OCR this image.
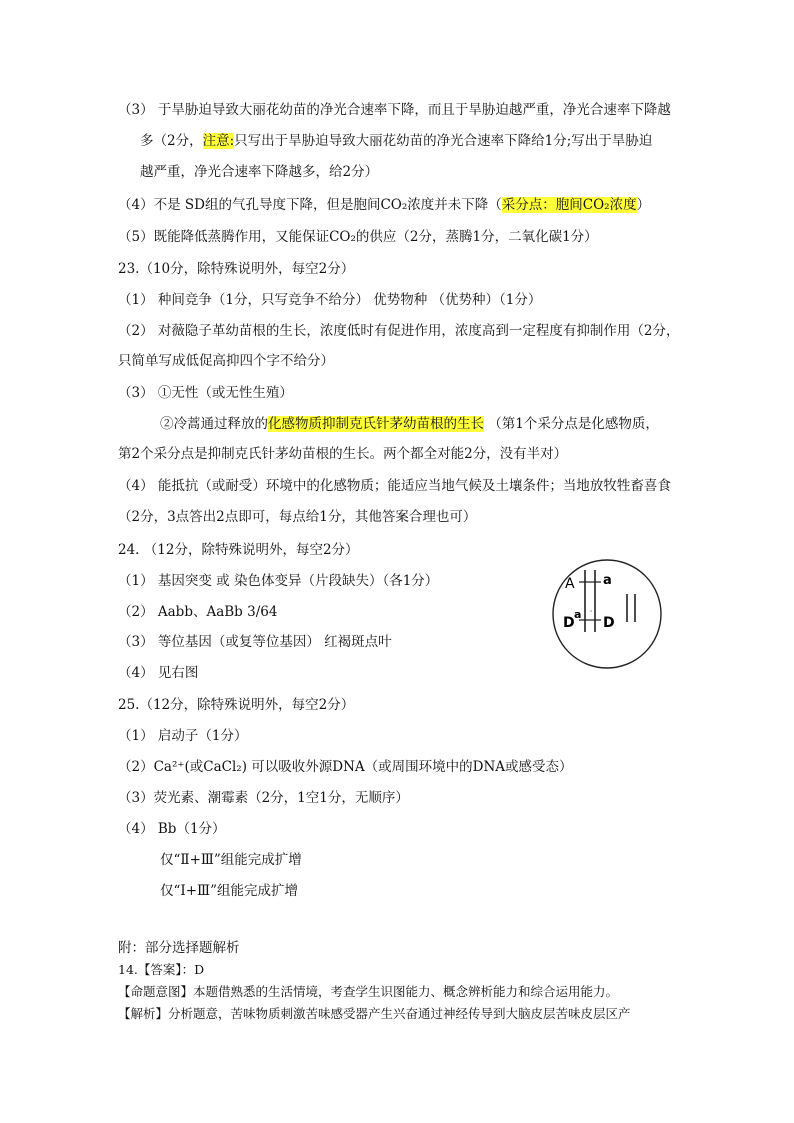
（3） 于旱胁迫导致大丽花幼苗的净光合速率下降，而且于旱胁迫越严重，净光合速率下降越
多（2分，注意:只写出于旱胁迫导致大丽花幼苗的净光合速率下降给1分;写出于旱胁迫
越严重，净光合速率下降越多，给2分）
（4）不是 SD组的气孔导度下降，但是胞间CO₂浓度并未下降（采分点：胞间CO₂浓度）
（5）既能降低蒸腾作用，又能保证CO₂的供应（2分，蒸腾1分，二氧化碳1分）
23.（10分，除特殊说明外，每空2分）
（1） 种间竞争（1分，只写竞争不给分） 优势物种 （优势种）（1分）
（2） 对薇隐子革幼苗根的生长，浓度低时有促进作用，浓度高到一定程度有抑制作用（2分，
只简单写成低促高抑四个字不给分）
（3） ①无性（或无性生殖）
②冷蒿通过释放的化感物质抑制克氏针茅幼苗根的生长 （第1个采分点是化感物质，
第2个采分点是抑制克氏针茅幼苗根的生长。两个都全对能2分，没有半对）
（4） 能抵抗（或耐受）环境中的化感物质；能适应当地气候及土壤条件；当地放牧牲畜喜食
（2分，3点答出2点即可，每点给1分，其他答案合理也可）
24. （12分，除特殊说明外，每空2分）
（1） 基因突变 或 染色体变异（片段缺失）（各1分）
（2） Aabb、AaBb 3/64
（3） 等位基因（或复等位基因） 红褐斑点叶
（4） 见右图
A a
D
a
D
25.（12分，除特殊说明外，每空2分）
（1） 启动子（1分）
（2）Ca²⁺(或CaCl₂) 可以吸收外源DNA（或周围环境中的DNA或感受态）
（3）荧光素、潮霉素（2分，1空1分，无顺序）
（4） Bb（1分）
仅“Ⅱ+Ⅲ”组能完成扩增
仅“Ⅰ+Ⅲ”组能完成扩增
附：部分选择题解析
14.【答案】：D
【命题意图】本题借熟悉的生活情境，考查学生识图能力、概念辨析能力和综合运用能力。
【解析】分析题意，苦味物质刺激苦味感受器产生兴奋通过神经传导到大脑皮层苦味皮层区产
